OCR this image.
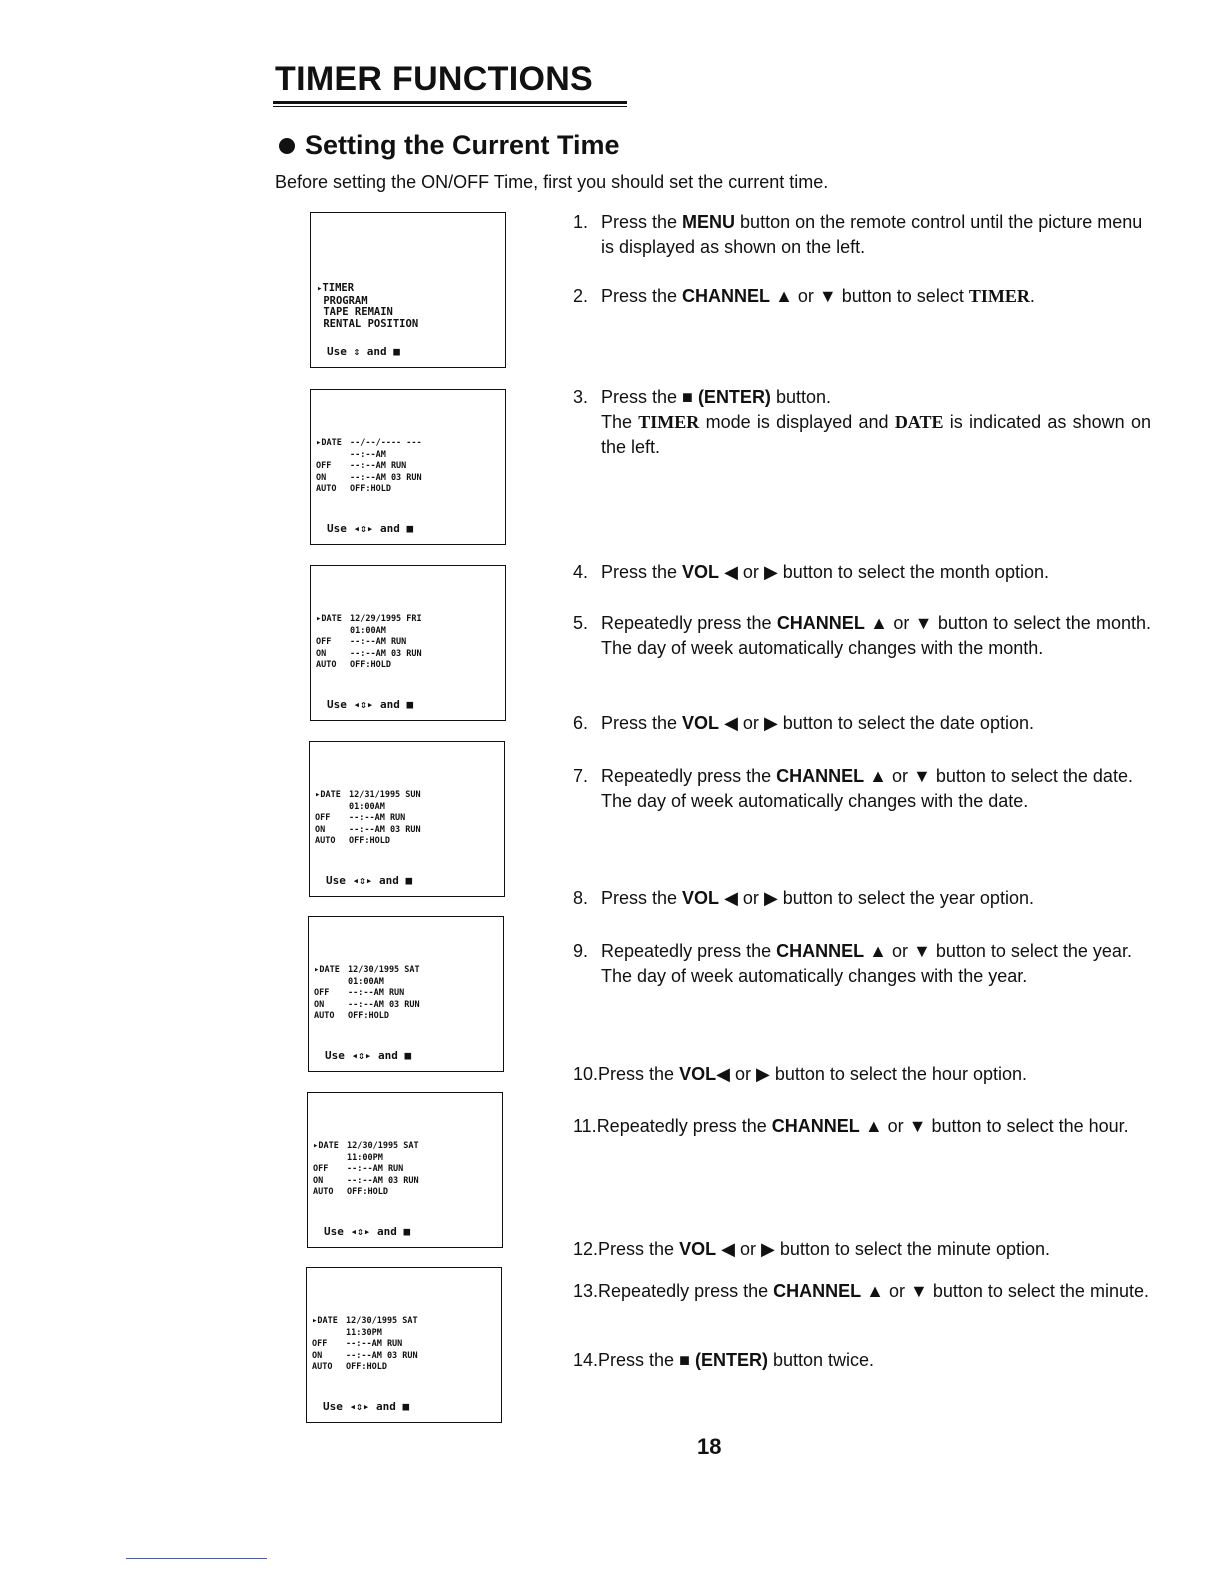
TIMER FUNCTIONS
Setting the Current Time

Before setting the ON/OFF Time, first you should set the current time.

▸TIMER
PROGRAM
TAPE REMAIN
RENTAL POSITION
Use ⇕ and ■
▸DATE --/--/---- ---
--:--AM
OFF	--:--AM RUN
ON	--:--AM 03 RUN
AUTO	OFF:HOLD
Use ◂⇕▸ and ■
▸DATE 12/29/1995 FRI
01:00AM
OFF	--:--AM RUN
ON	--:--AM 03 RUN
AUTO	OFF:HOLD
Use ◂⇕▸ and ■
▸DATE 12/31/1995 SUN
01:00AM
OFF	--:--AM RUN
ON	--:--AM 03 RUN
AUTO	OFF:HOLD
Use ◂⇕▸ and ■
▸DATE 12/30/1995 SAT
01:00AM
OFF	--:--AM RUN
ON	--:--AM 03 RUN
AUTO	OFF:HOLD
Use ◂⇕▸ and ■
▸DATE 12/30/1995 SAT
11:00PM
OFF	--:--AM RUN
ON	--:--AM 03 RUN
AUTO	OFF:HOLD
Use ◂⇕▸ and ■
▸DATE 12/30/1995 SAT
11:30PM
OFF	--:--AM RUN
ON	--:--AM 03 RUN
AUTO	OFF:HOLD
Use ◂⇕▸ and ■
1. Press the MENU button on the remote control until the picture menu is displayed as shown on the left.
2. Press the CHANNEL ▲ or ▼ button to select TIMER.
3. Press the ■ (ENTER) button.
The TIMER mode is displayed and DATE is indicated as shown on the left.
4. Press the VOL ◀ or ▶ button to select the month option.
5. Repeatedly press the CHANNEL ▲ or ▼ button to select the month. The day of week automatically changes with the month.
6. Press the VOL ◀ or ▶ button to select the date option.
7. Repeatedly press the CHANNEL ▲ or ▼ button to select the date. The day of week automatically changes with the date.
8. Press the VOL ◀ or ▶ button to select the year option.
9. Repeatedly press the CHANNEL ▲ or ▼ button to select the year. The day of week automatically changes with the year.
10.Press the VOL◀ or ▶ button to select the hour option.
11.Repeatedly press the CHANNEL ▲ or ▼ button to select the hour.
12.Press the VOL ◀ or ▶ button to select the minute option.
13.Repeatedly press the CHANNEL ▲ or ▼ button to select the minute.
14.Press the ■ (ENTER) button twice.

18
